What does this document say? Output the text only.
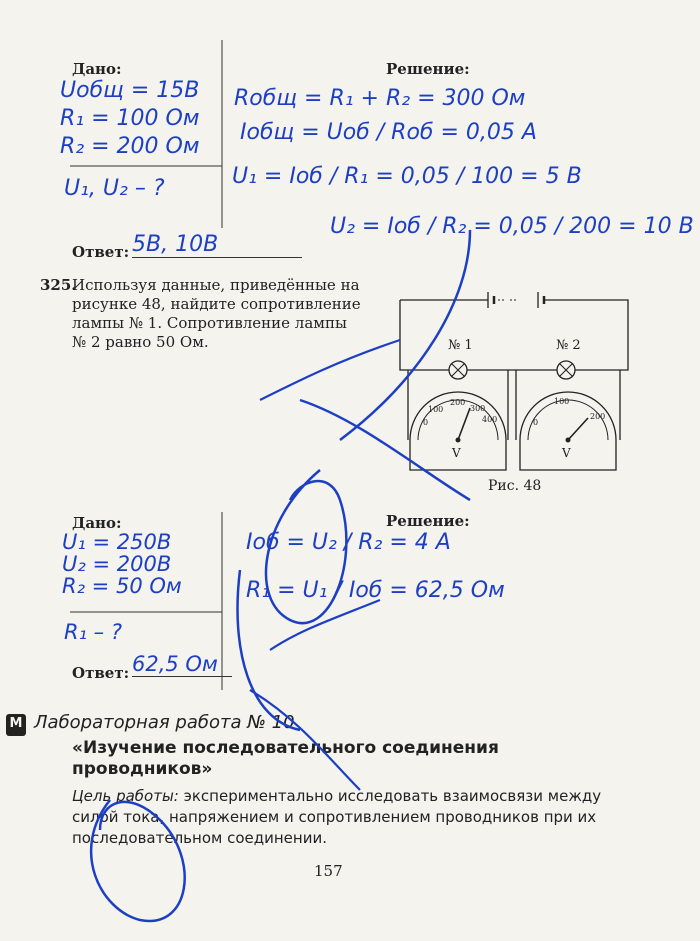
Дано:	Решение:
Uобщ = 15В
R₁ = 100 Ом
R₂ = 200 Ом
U₁, U₂ – ?
Rобщ = R₁ + R₂ = 300 Ом
Iобщ = Uоб / Rоб = 0,05 А
U₁ = Iоб / R₁ = 0,05 / 100 = 5 В
U₂ = Iоб / R₂ = 0,05 / 200 = 10 В
Ответ: 5В, 10В
325.
Используя данные, приведённые на
рисунке 48, найдите сопротивление
лампы № 1. Сопротивление лампы
№ 2 равно 50 Ом.	№ 1	№ 2
0
100
200
300
400
V
0
100
200
V
Рис. 48
Дано:	Решение:
U₁ = 250В
U₂ = 200В
R₂ = 50 Ом
R₁ – ?
Iоб = U₂ / R₂ = 4 А
R₁ = U₁ / Iоб = 62,5 Ом
Ответ: 62,5 Ом
М Лабораторная работа № 10
«Изучение последовательного соединения
проводников»
Цель работы: экспериментально исследовать взаимосвязи между
силой тока, напряжением и сопротивлением проводников при их
последовательном соединении.
157
